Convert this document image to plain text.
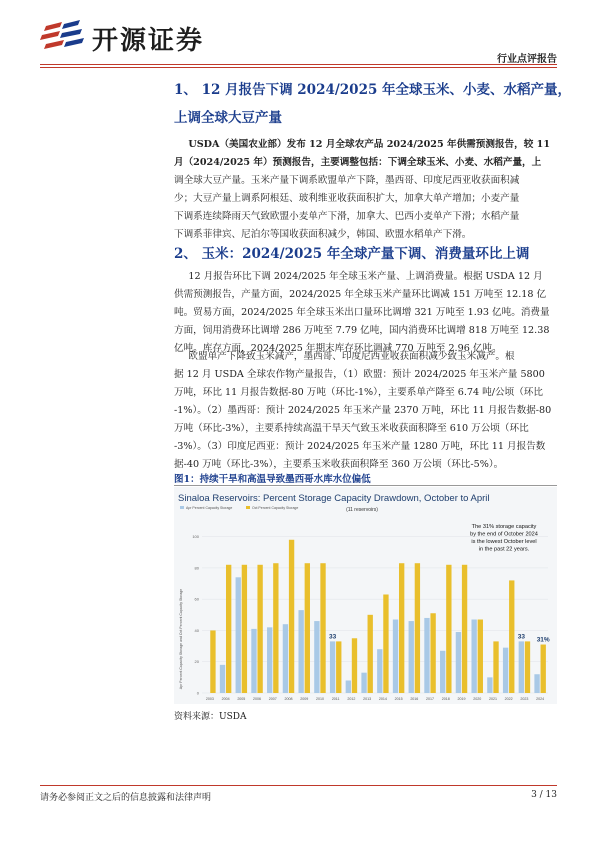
开源证券
行业点评报告
1、 12 月报告下调 2024/2025 年全球玉米、小麦、水稻产量，
上调全球大豆产量
USDA（美国农业部）发布 12 月全球农产品 2024/2025 年供需预测报告，较 11
月（2024/2025 年）预测报告，主要调整包括：下调全球玉米、小麦、水稻产量，上
调全球大豆产量。玉米产量下调系欧盟单产下降，墨西哥、印度尼西亚收获面积减
少；大豆产量上调系阿根廷、玻利维亚收获面积扩大，加拿大单产增加；小麦产量
下调系连续降雨天气致欧盟小麦单产下滑，加拿大、巴西小麦单产下滑；水稻产量
下调系菲律宾、尼泊尔等国收获面积减少，韩国、欧盟水稻单产下滑。
2、 玉米：2024/2025 年全球产量下调、消费量环比上调
12 月报告环比下调 2024/2025 年全球玉米产量、上调消费量。根据 USDA 12 月
供需预测报告，产量方面，2024/2025 年全球玉米产量环比调减 151 万吨至 12.18 亿
吨。贸易方面，2024/2025 年全球玉米出口量环比调增 321 万吨至 1.93 亿吨。消费量
方面，饲用消费环比调增 286 万吨至 7.79 亿吨，国内消费环比调增 818 万吨至 12.38
亿吨。库存方面，2024/2025 年期末库存环比调减 770 万吨至 2.96 亿吨。
欧盟单产下降致玉米减产，墨西哥、印度尼西亚收获面积减少致玉米减产。根
据 12 月 USDA 全球农作物产量报告，（1）欧盟：预计 2024/2025 年玉米产量 5800
万吨，环比 11 月报告数据-80 万吨（环比-1%），主要系单产降至 6.74 吨/公顷（环比
-1%）。（2）墨西哥：预计 2024/2025 年玉米产量 2370 万吨，环比 11 月报告数据-80
万吨（环比-3%），主要系持续高温干旱天气致玉米收获面积降至 610 万公顷（环比
-3%）。（3）印度尼西亚：预计 2024/2025 年玉米产量 1280 万吨，环比 11 月报告数
据-40 万吨（环比-3%），主要系玉米收获面积降至 360 万公顷（环比-5%）。
图1：持续干旱和高温导致墨西哥水库水位偏低
Sinaloa Reservoirs: Percent Storage Capacity Drawdown, October to April
(11 reservoirs)
Apr Percent Capacity Storage	Oct Percent Capacity Storage
Apr Percent Capacity Storage and Oct Percent Capacity Storage
0
20
40
60
80
100
2003 2004 2005 2006 2007 2008 2009 2010 2011 2012 2013 2014 2015 2016 2017 2018 2019 2020 2021 2022 2023 2024
33	33 31%
The 31% storage capacity
by the end of October 2024
is the lowest October level
in the past 22 years.
资料来源：USDA
请务必参阅正文之后的信息披露和法律声明	3 / 13
